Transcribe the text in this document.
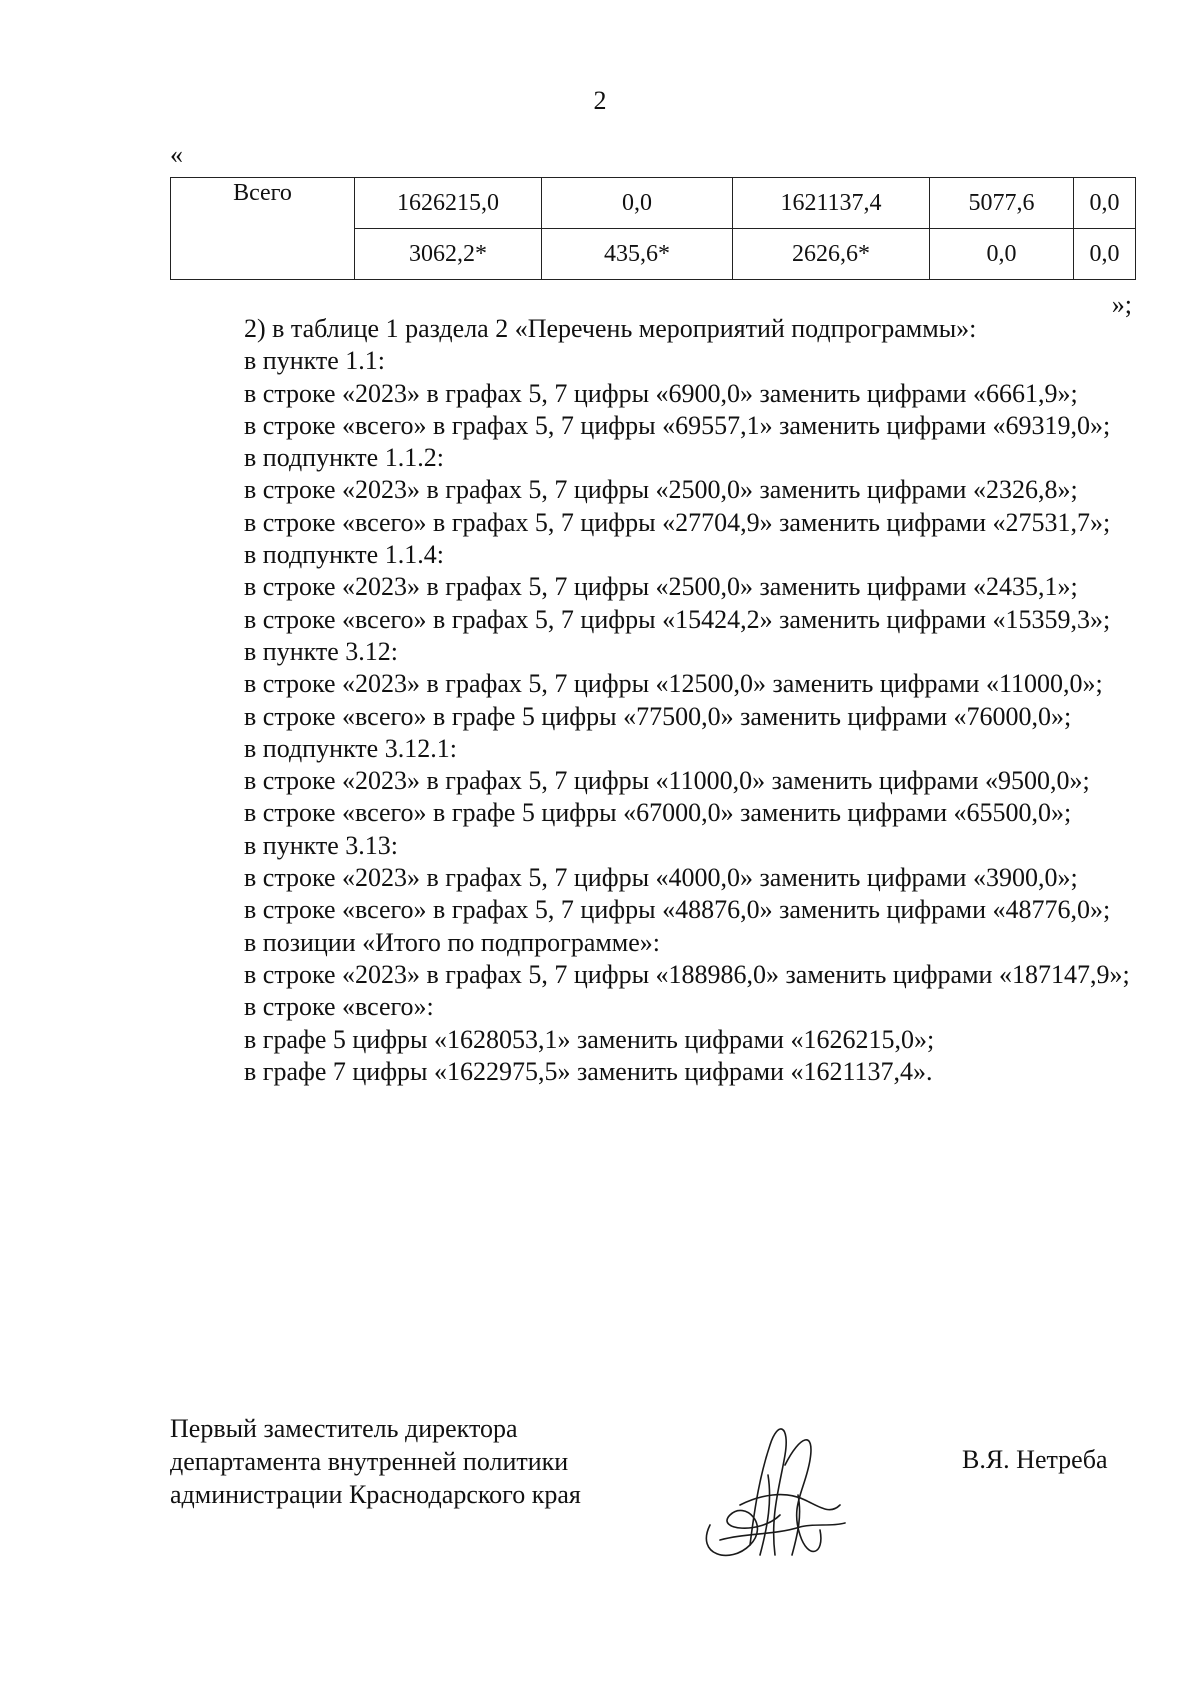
2
«
Всего	1626215,0	0,0	1621137,4	5077,6	0,0
	3062,2*	435,6*	2626,6*	0,0	0,0
»;

2) в таблице 1 раздела 2 «Перечень мероприятий подпрограммы»:

в пункте 1.1:

в строке «2023» в графах 5, 7 цифры «6900,0» заменить цифрами «6661,9»;

в строке «всего» в графах 5, 7 цифры «69557,1» заменить цифрами «69319,0»;

в подпункте 1.1.2:

в строке «2023» в графах 5, 7 цифры «2500,0» заменить цифрами «2326,8»;

в строке «всего» в графах 5, 7 цифры «27704,9» заменить цифрами «27531,7»;

в подпункте 1.1.4:

в строке «2023» в графах 5, 7 цифры «2500,0» заменить цифрами «2435,1»;

в строке «всего» в графах 5, 7 цифры «15424,2» заменить цифрами «15359,3»;

в пункте 3.12:

в строке «2023» в графах 5, 7 цифры «12500,0» заменить цифрами «11000,0»;

в строке «всего» в графе 5 цифры «77500,0» заменить цифрами «76000,0»;

в подпункте 3.12.1:

в строке «2023» в графах 5, 7 цифры «11000,0» заменить цифрами «9500,0»;

в строке «всего» в графе 5 цифры «67000,0» заменить цифрами «65500,0»;

в пункте 3.13:

в строке «2023» в графах 5, 7 цифры «4000,0» заменить цифрами «3900,0»;

в строке «всего» в графах 5, 7 цифры «48876,0» заменить цифрами «48776,0»;

в позиции «Итого по подпрограмме»:

в строке «2023» в графах 5, 7 цифры «188986,0» заменить цифрами «187147,9»;

в строке «всего»:

в графе 5 цифры «1628053,1» заменить цифрами «1626215,0»;

в графе 7 цифры «1622975,5» заменить цифрами «1621137,4».

Первый заместитель директора
департамента внутренней политики
администрации Краснодарского края
В.Я. Нетреба
